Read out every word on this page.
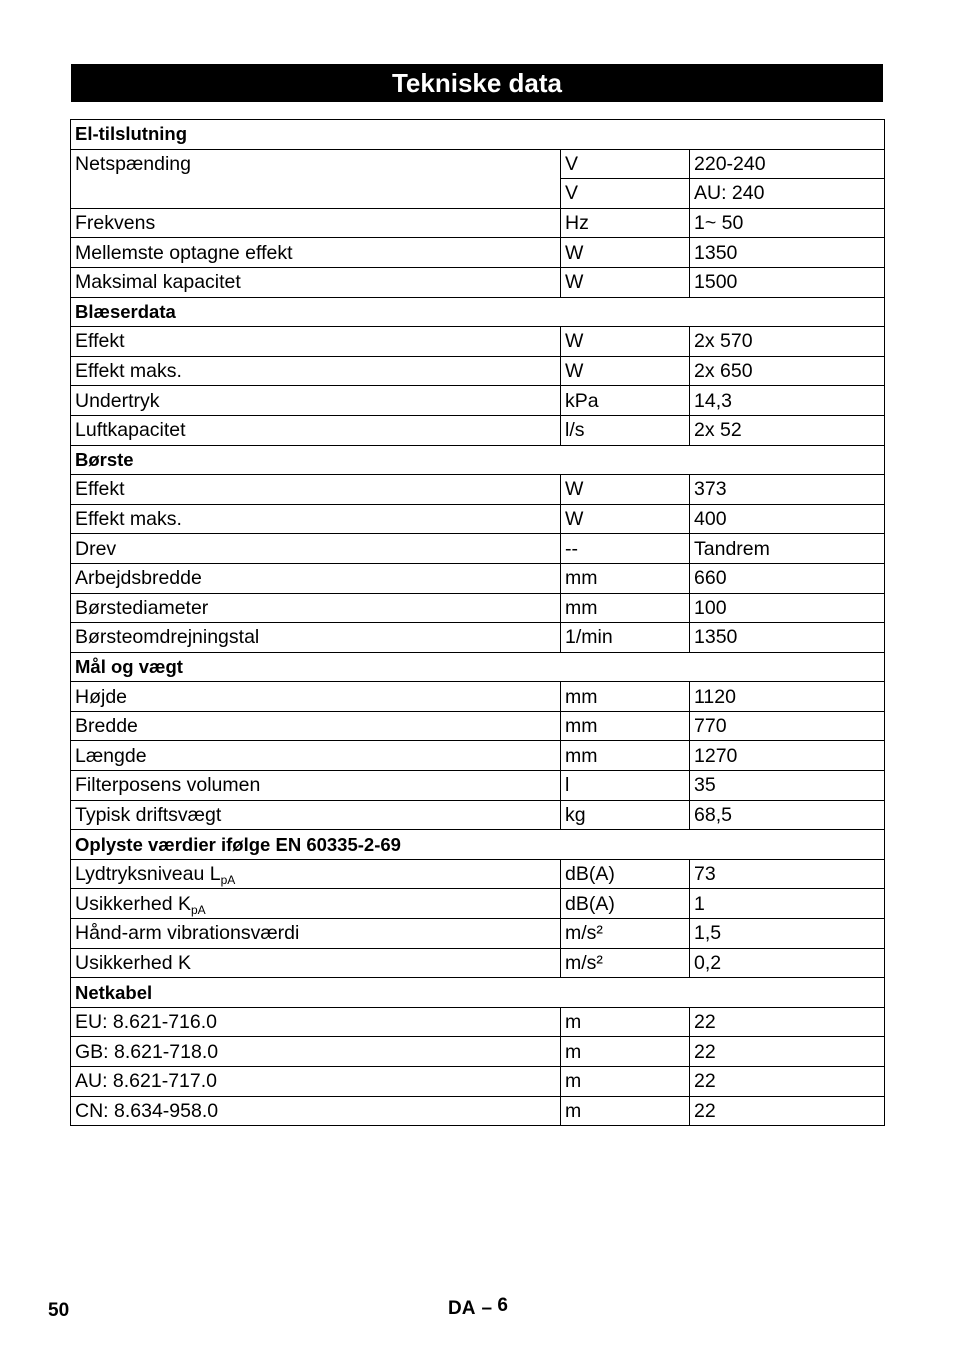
Tekniske data
El-tilslutning		
Netspænding	V	220-240
	V	AU: 240
Frekvens	Hz	1~ 50
Mellemste optagne effekt	W	1350
Maksimal kapacitet	W	1500
Blæserdata		
Effekt	W	2x 570
Effekt maks.	W	2x 650
Undertryk	kPa	14,3
Luftkapacitet	l/s	2x 52
Børste		
Effekt	W	373
Effekt maks.	W	400
Drev	--	Tandrem
Arbejdsbredde	mm	660
Børstediameter	mm	100
Børsteomdrejningstal	1/min	1350
Mål og vægt		
Højde	mm	1120
Bredde	mm	770
Længde	mm	1270
Filterposens volumen	l	35
Typisk driftsvægt	kg	68,5
Oplyste værdier ifølge EN 60335-2-69		
Lydtryksniveau $L_{pA}$	dB(A)	73
Usikkerhed $K_{pA}$	dB(A)	1
Hånd-arm vibrationsværdi	m/s²	1,5
Usikkerhed K	m/s²	0,2
Netkabel		
EU: 8.621-716.0	m	22
GB: 8.621-718.0	m	22
AU: 8.621-717.0	m	22
CN: 8.634-958.0	m	22
50	DA – 6
